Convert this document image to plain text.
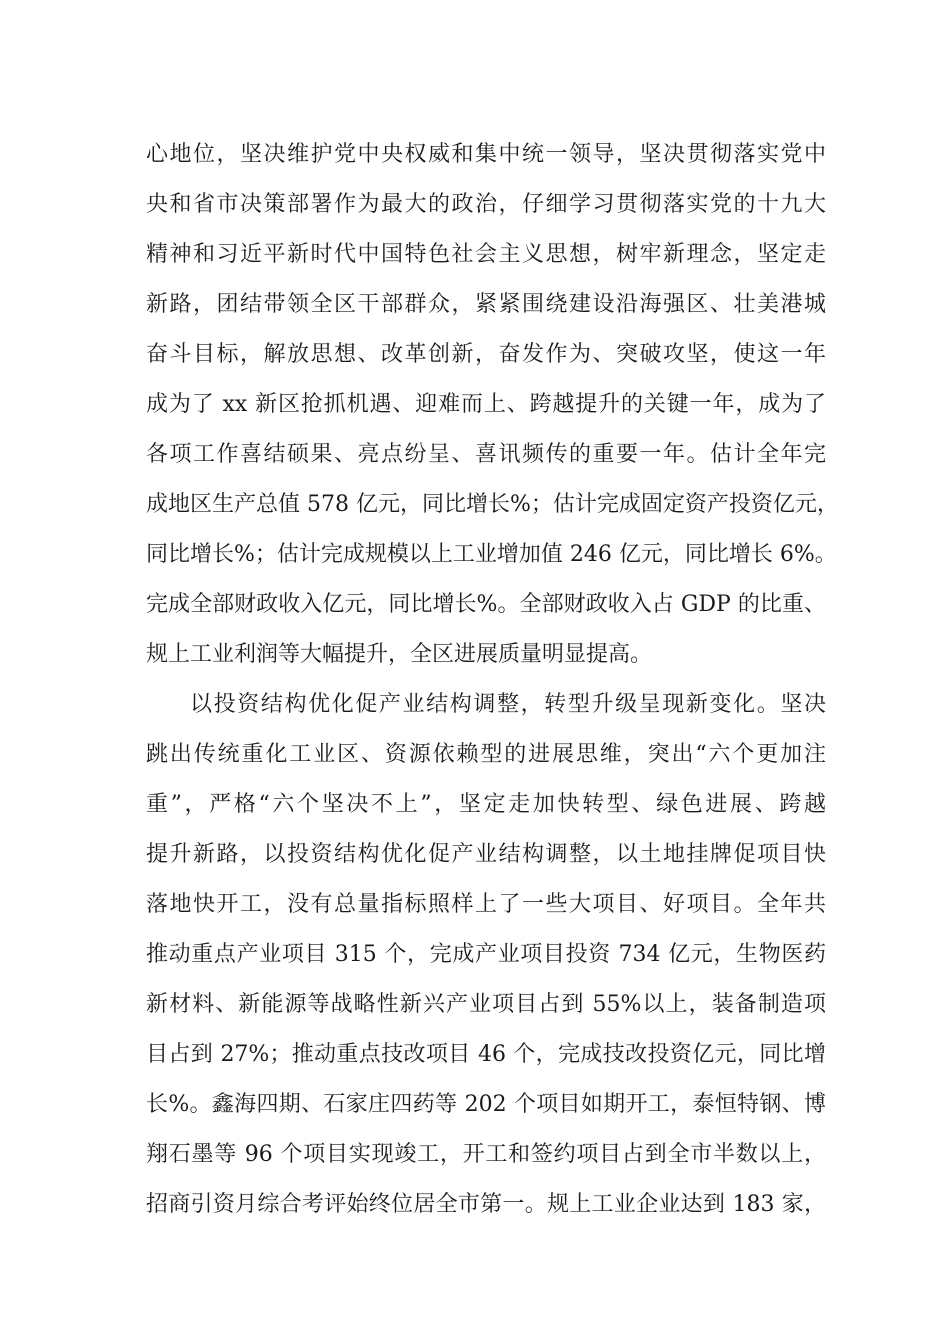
心地位，坚决维护党中央权威和集中统一领导，坚决贯彻落实党中
央和省市决策部署作为最大的政治，仔细学习贯彻落实党的十九大
精神和习近平新时代中国特色社会主义思想，树牢新理念，坚定走
新路，团结带领全区干部群众，紧紧围绕建设沿海强区、壮美港城
奋斗目标，解放思想、改革创新，奋发作为、突破攻坚，使这一年
成为了 xx 新区抢抓机遇、迎难而上、跨越提升的关键一年，成为了
各项工作喜结硕果、亮点纷呈、喜讯频传的重要一年。估计全年完
成地区生产总值 578 亿元，同比增长%；估计完成固定资产投资亿元，
同比增长%；估计完成规模以上工业增加值 246 亿元，同比增长 6%。
完成全部财政收入亿元，同比增长%。全部财政收入占 GDP 的比重、
规上工业利润等大幅提升，全区进展质量明显提高。
以投资结构优化促产业结构调整，转型升级呈现新变化。坚决
跳出传统重化工业区、资源依赖型的进展思维，突出“六个更加注
重”，严格“六个坚决不上”，坚定走加快转型、绿色进展、跨越
提升新路，以投资结构优化促产业结构调整，以土地挂牌促项目快
落地快开工，没有总量指标照样上了一些大项目、好项目。全年共
推动重点产业项目 315 个，完成产业项目投资 734 亿元，生物医药
新材料、新能源等战略性新兴产业项目占到 55%以上，装备制造项
目占到 27%；推动重点技改项目 46 个，完成技改投资亿元，同比增
长%。鑫海四期、石家庄四药等 202 个项目如期开工，泰恒特钢、博
翔石墨等 96 个项目实现竣工，开工和签约项目占到全市半数以上，
招商引资月综合考评始终位居全市第一。规上工业企业达到 183 家，
